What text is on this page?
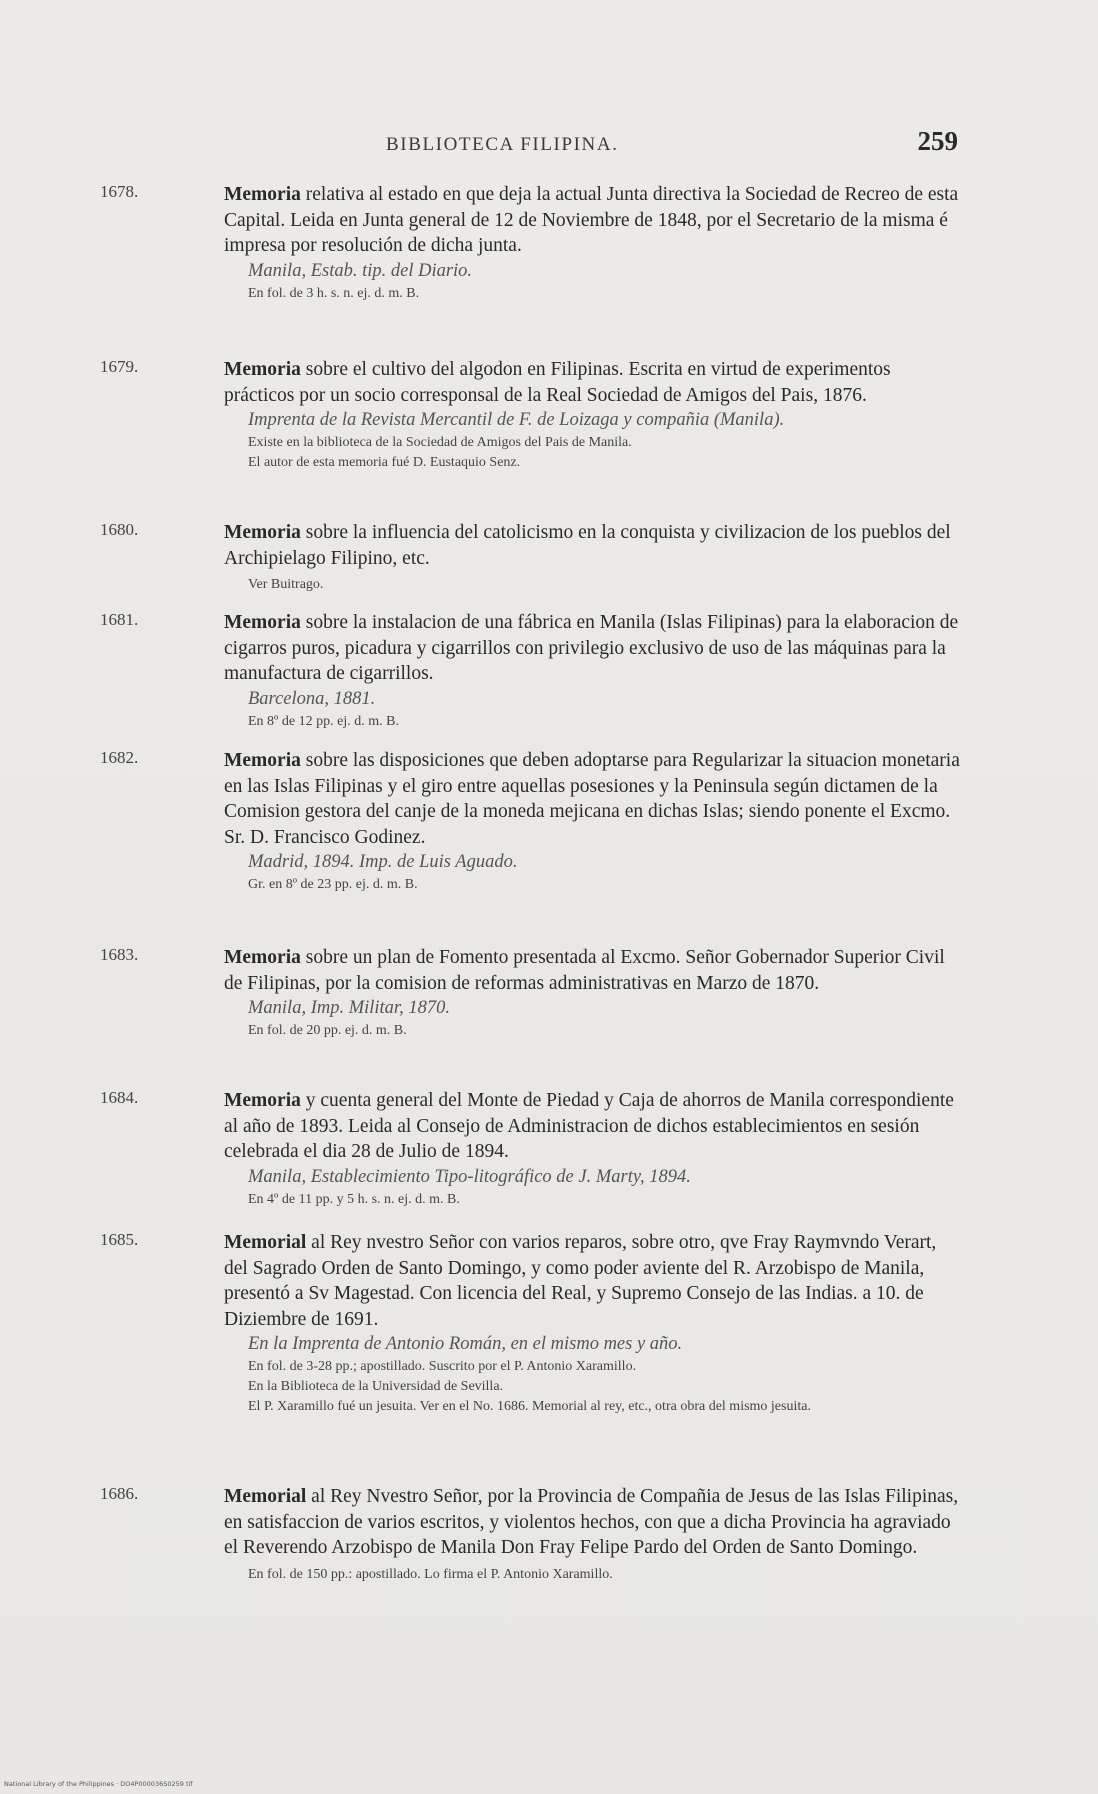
BIBLIOTECA FILIPINA.	259
1678.	Memoria relativa al estado en que deja la actual Junta directiva la Sociedad de Recreo de esta Capital. Leida en Junta general de 12 de Noviembre de 1848, por el Secretario de la misma é impresa por resolución de dicha junta.
Manila, Estab. tip. del Diario.
En fol. de 3 h. s. n. ej. d. m. B.
1679.	Memoria sobre el cultivo del algodon en Filipinas. Escrita en virtud de experimentos prácticos por un socio corresponsal de la Real Sociedad de Amigos del Pais, 1876.
Imprenta de la Revista Mercantil de F. de Loizaga y compañia (Manila).
Existe en la biblioteca de la Sociedad de Amigos del Pais de Manila.
El autor de esta memoria fué D. Eustaquio Senz.
1680.	Memoria sobre la influencia del catolicismo en la conquista y civilizacion de los pueblos del Archipielago Filipino, etc.
Ver Buitrago.
1681.	Memoria sobre la instalacion de una fábrica en Manila (Islas Filipinas) para la elaboracion de cigarros puros, picadura y cigarrillos con privilegio exclusivo de uso de las máquinas para la manufactura de cigarrillos.
Barcelona, 1881.
En 8º de 12 pp. ej. d. m. B.
1682.	Memoria sobre las disposiciones que deben adoptarse para Regularizar la situacion monetaria en las Islas Filipinas y el giro entre aquellas posesiones y la Peninsula según dictamen de la Comision gestora del canje de la moneda mejicana en dichas Islas; siendo ponente el Excmo. Sr. D. Francisco Godinez.
Madrid, 1894. Imp. de Luis Aguado.
Gr. en 8º de 23 pp. ej. d. m. B.
1683.	Memoria sobre un plan de Fomento presentada al Excmo. Señor Gobernador Superior Civil de Filipinas, por la comision de reformas administrativas en Marzo de 1870.
Manila, Imp. Militar, 1870.
En fol. de 20 pp. ej. d. m. B.
1684.	Memoria y cuenta general del Monte de Piedad y Caja de ahorros de Manila correspondiente al año de 1893. Leida al Consejo de Administracion de dichos establecimientos en sesión celebrada el dia 28 de Julio de 1894.
Manila, Establecimiento Tipo-litográfico de J. Marty, 1894.
En 4º de 11 pp. y 5 h. s. n. ej. d. m. B.
1685.	Memorial al Rey nvestro Señor con varios reparos, sobre otro, qve Fray Raymvndo Verart, del Sagrado Orden de Santo Domingo, y como poder aviente del R. Arzobispo de Manila, presentó a Sv Magestad. Con licencia del Real, y Supremo Consejo de las Indias. a 10. de Diziembre de 1691.
En la Imprenta de Antonio Román, en el mismo mes y año.
En fol. de 3-28 pp.; apostillado. Suscrito por el P. Antonio Xaramillo.
En la Biblioteca de la Universidad de Sevilla.
El P. Xaramillo fué un jesuita. Ver en el No. 1686. Memorial al rey, etc., otra obra del mismo jesuita.
1686.	Memorial al Rey Nvestro Señor, por la Provincia de Compañia de Jesus de las Islas Filipinas, en satisfaccion de varios escritos, y violentos hechos, con que a dicha Provincia ha agraviado el Reverendo Arzobispo de Manila Don Fray Felipe Pardo del Orden de Santo Domingo.
En fol. de 150 pp.: apostillado. Lo firma el P. Antonio Xaramillo.
National Library of the Philippines · DO4P000036S0259 tif
